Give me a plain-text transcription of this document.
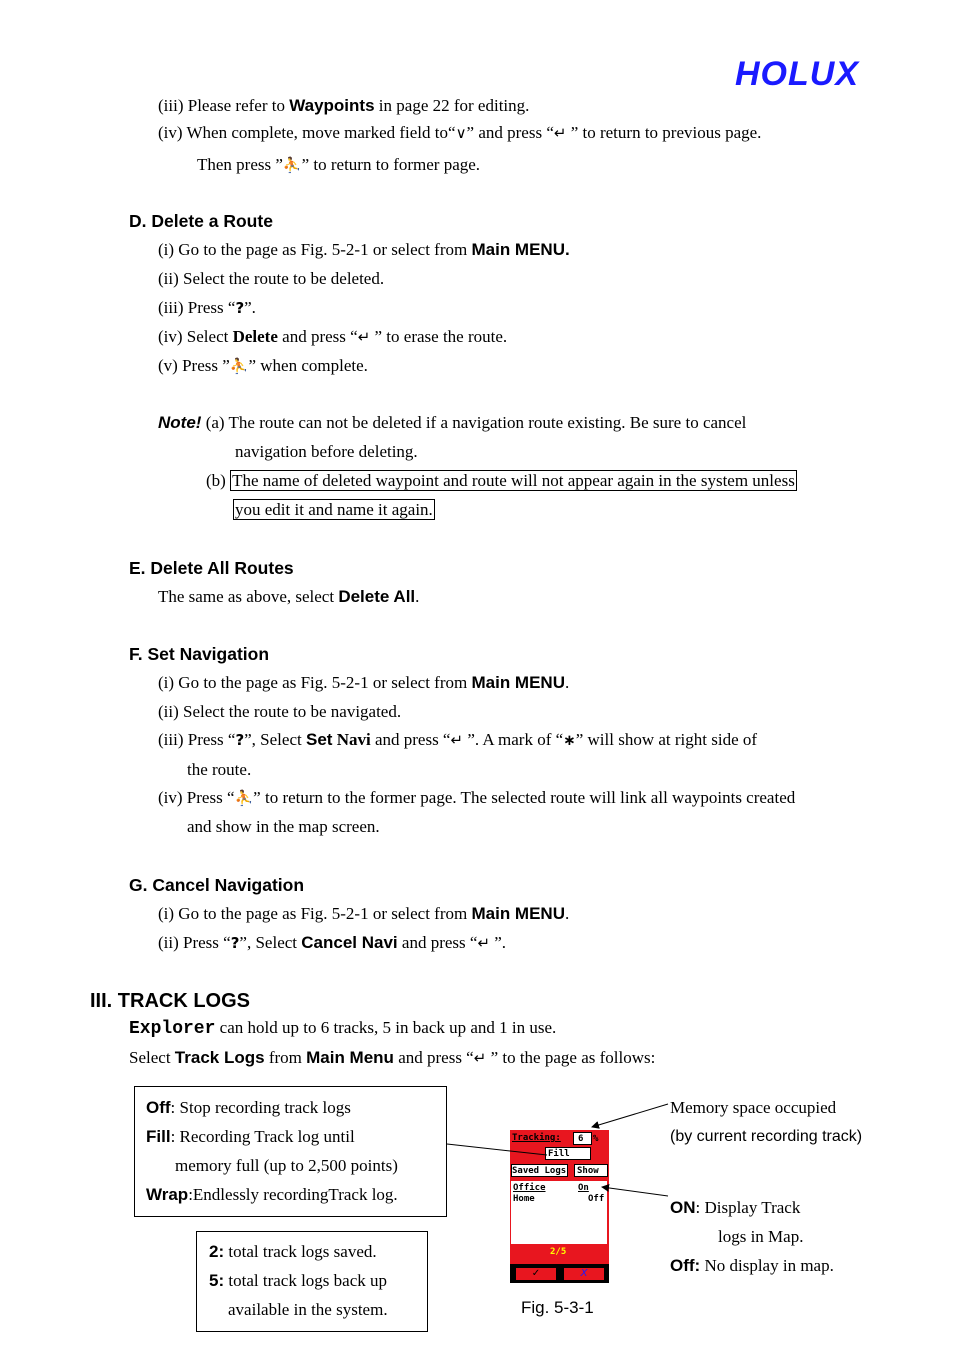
HOLUX
(iii) Please refer to Waypoints in page 22 for editing.
(iv) When complete, move marked field to“∨” and press “↵ ” to return to previous page.
Then press ”⛹” to return to former page.
D. Delete a Route
(i) Go to the page as Fig. 5-2-1 or select from Main MENU.
(ii) Select the route to be deleted.
(iii) Press “?”.
(iv) Select Delete and press “↵ ” to erase the route.
(v) Press ”⛹” when complete.
Note! (a) The route can not be deleted if a navigation route existing. Be sure to cancel
navigation before deleting.
(b) The name of deleted waypoint and route will not appear again in the system unless
you edit it and name it again.
E. Delete All Routes
The same as above, select Delete All.
F. Set Navigation
(i) Go to the page as Fig. 5-2-1 or select from Main MENU.
(ii) Select the route to be navigated.
(iii) Press “?”, Select Set Navi and press “↵ ”. A mark of “∗” will show at right side of
the route.
(iv) Press “⛹” to return to the former page. The selected route will link all waypoints created
and show in the map screen.
G. Cancel Navigation
(i) Go to the page as Fig. 5-2-1 or select from Main MENU.
(ii) Press “?”, Select Cancel Navi and press “↵ ”.
III. TRACK LOGS
Explorer can hold up to 6 tracks, 5 in back up and 1 in use.
Select Track Logs from Main Menu and press “↵ ” to the page as follows:
Off: Stop recording track logs
Fill: Recording Track log until
memory full (up to 2,500 points)
Wrap:Endlessly recordingTrack log.
2: total track logs saved.
5: total track logs back up
available in the system.
Tracking: 6 %
Fill
Saved Logs Show
Office	On
Home	Off
2/5
✓	X
Memory space occupied
(by current recording track)
ON: Display Track
logs in Map.
Off: No display in map.
Fig. 5-3-1
